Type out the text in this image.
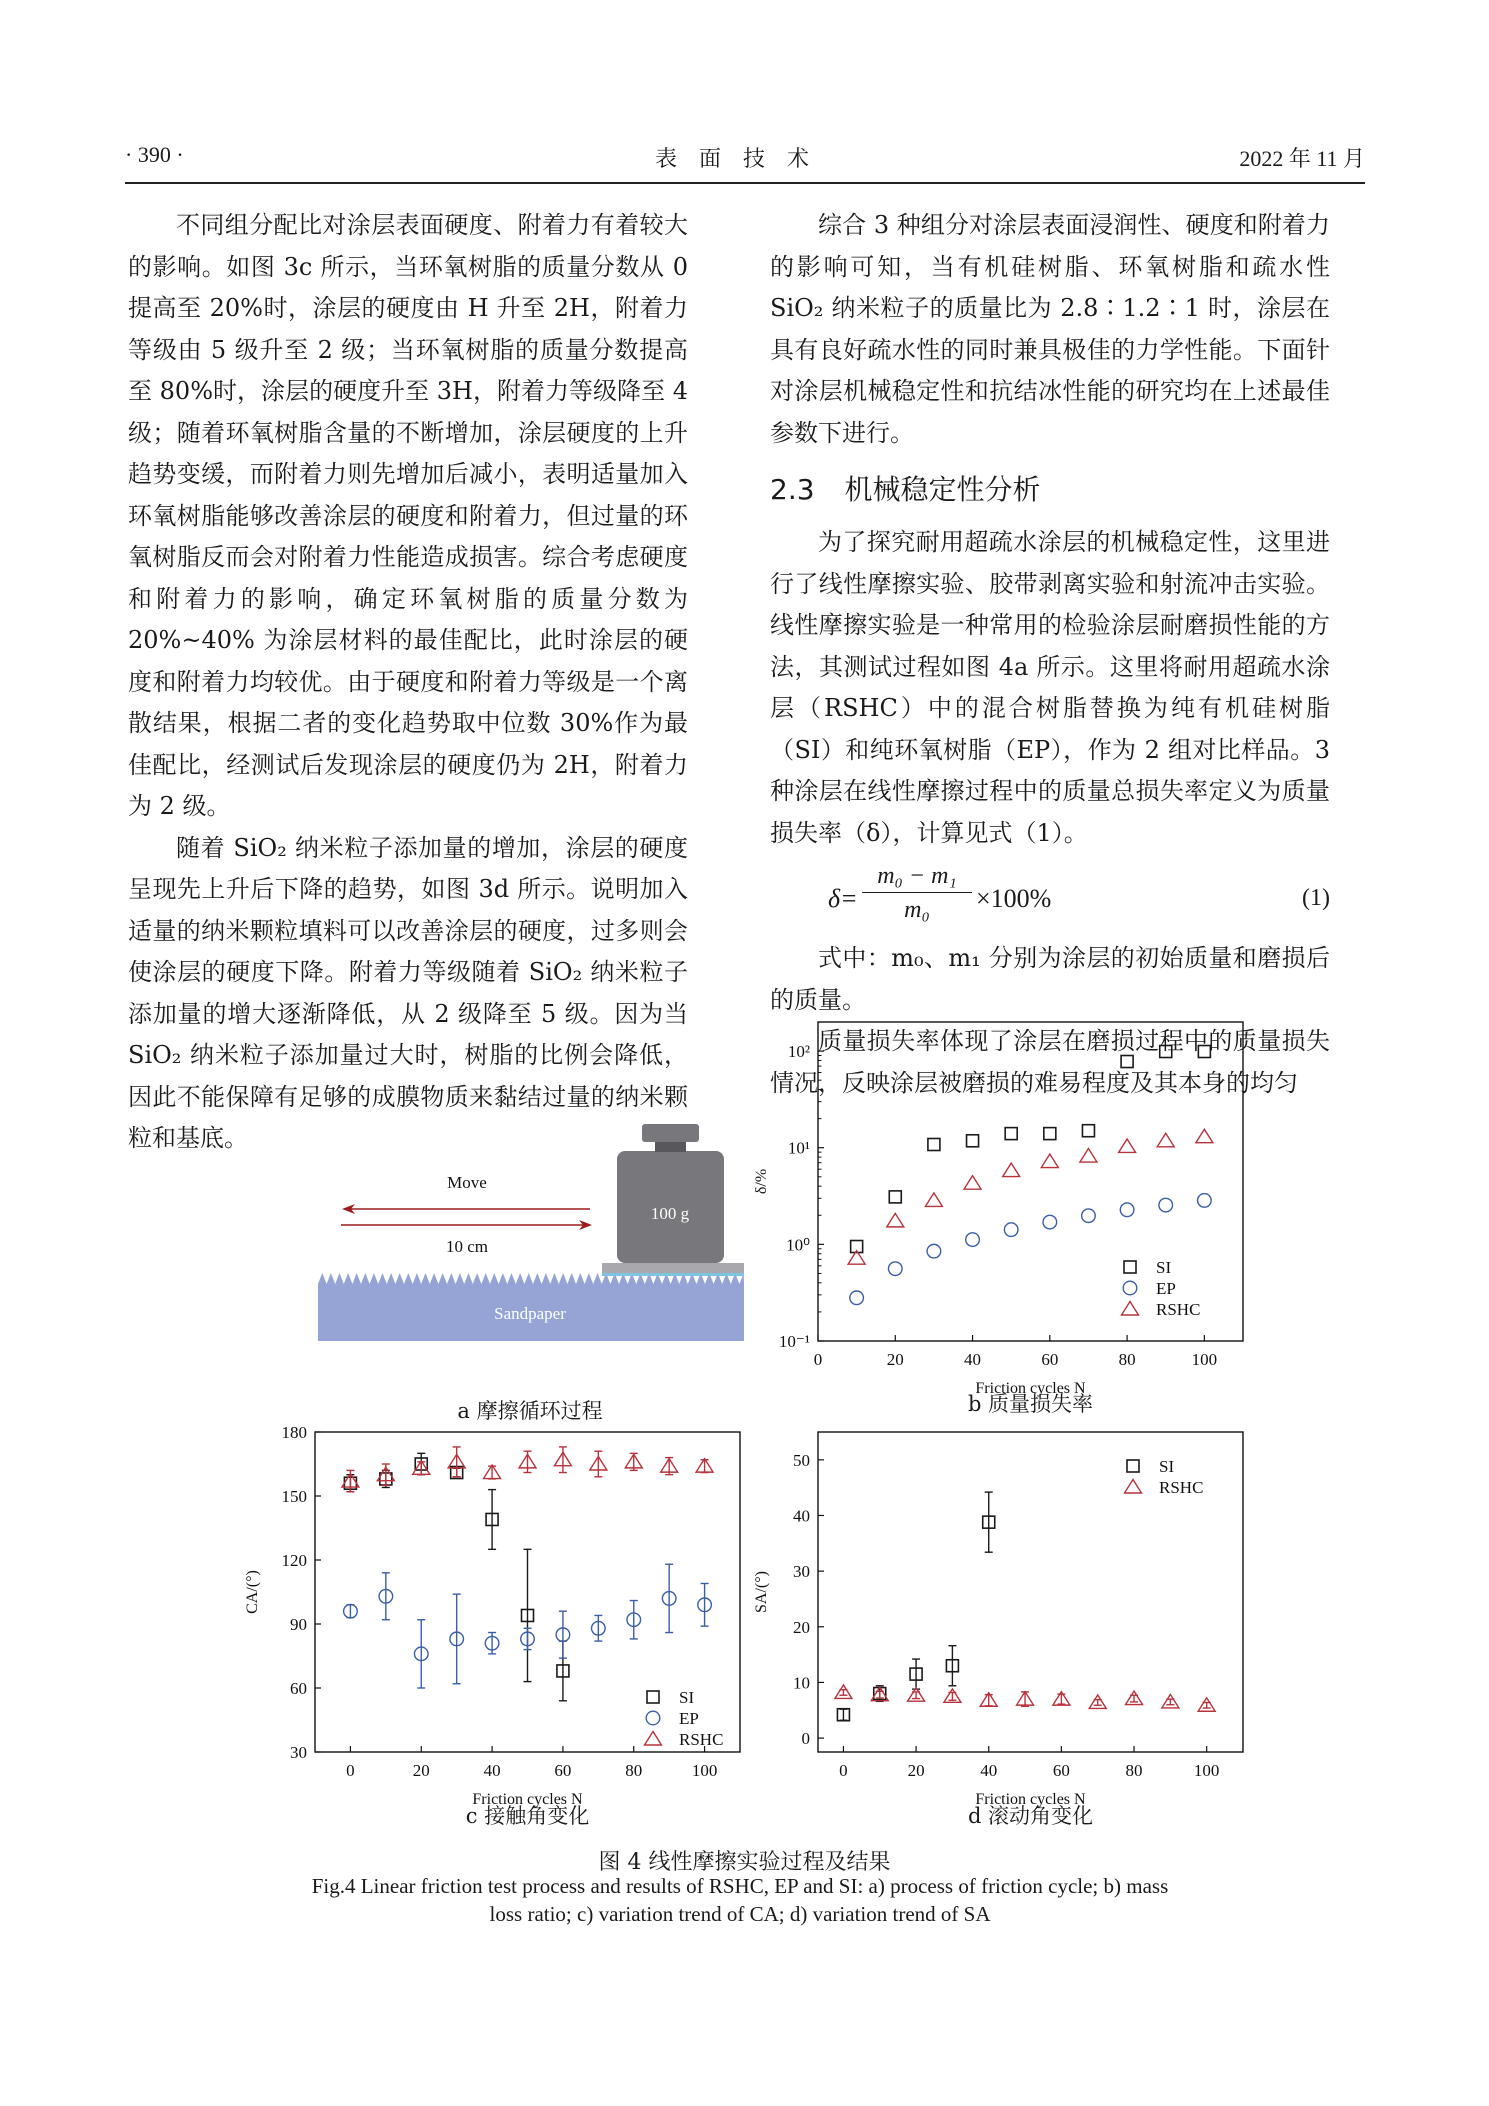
· 390 ·	表面技术	2022 年 11 月

不同组分配比对涂层表面硬度、附着力有着较大的影响。如图 3c 所示，当环氧树脂的质量分数从 0 提高至 20%时，涂层的硬度由 H 升至 2H，附着力等级由 5 级升至 2 级；当环氧树脂的质量分数提高至 80%时，涂层的硬度升至 3H，附着力等级降至 4 级；随着环氧树脂含量的不断增加，涂层硬度的上升趋势变缓，而附着力则先增加后减小，表明适量加入环氧树脂能够改善涂层的硬度和附着力，但过量的环氧树脂反而会对附着力性能造成损害。综合考虑硬度和附着力的影响，确定环氧树脂的质量分数为 20%~40% 为涂层材料的最佳配比，此时涂层的硬度和附着力均较优。由于硬度和附着力等级是一个离散结果，根据二者的变化趋势取中位数 30%作为最佳配比，经测试后发现涂层的硬度仍为 2H，附着力为 2 级。

随着 SiO₂ 纳米粒子添加量的增加，涂层的硬度呈现先上升后下降的趋势，如图 3d 所示。说明加入适量的纳米颗粒填料可以改善涂层的硬度，过多则会使涂层的硬度下降。附着力等级随着 SiO₂ 纳米粒子添加量的增大逐渐降低，从 2 级降至 5 级。因为当 SiO₂ 纳米粒子添加量过大时，树脂的比例会降低，因此不能保障有足够的成膜物质来黏结过量的纳米颗粒和基底。

综合 3 种组分对涂层表面浸润性、硬度和附着力的影响可知，当有机硅树脂、环氧树脂和疏水性 SiO₂ 纳米粒子的质量比为 2.8∶1.2∶1 时，涂层在具有良好疏水性的同时兼具极佳的力学性能。下面针对涂层机械稳定性和抗结冰性能的研究均在上述最佳参数下进行。

2.3 机械稳定性分析

为了探究耐用超疏水涂层的机械稳定性，这里进行了线性摩擦实验、胶带剥离实验和射流冲击实验。线性摩擦实验是一种常用的检验涂层耐磨损性能的方法，其测试过程如图 4a 所示。这里将耐用超疏水涂层（RSHC）中的混合树脂替换为纯有机硅树脂（SI）和纯环氧树脂（EP），作为 2 组对比样品。3 种涂层在线性摩擦过程中的质量总损失率定义为质量损失率（δ），计算见式（1）。

$\delta= \frac{\text{m₀ − m₁}}{\text{m₀}} \times 100\%$	(1)

式中：m₀、m₁ 分别为涂层的初始质量和磨损后的质量。

质量损失率体现了涂层在磨损过程中的质量损失情况，反映涂层被磨损的难易程度及其本身的均匀

100 g
Move
10 cm
Sandpaper
a 摩擦循环过程
0	20	40	60	80	100
10⁻¹
10⁰
10¹
10²
Friction cycles N
δ/%
SI
EP
RSHC
b 质量损失率
0	20	40	60	80	100
30
60
90
120
150
180
Friction cycles N
CA/(°)
SI
EP
RSHC
c 接触角变化
0	20	40	60	80	100
0
10
20
30
40
50
Friction cycles N
SA/(°)
SI
RSHC
d 滚动角变化
图 4 线性摩擦实验过程及结果
Fig.4 Linear friction test process and results of RSHC, EP and SI: a) process of friction cycle; b) mass loss ratio; c) variation trend of CA; d) variation trend of SA
